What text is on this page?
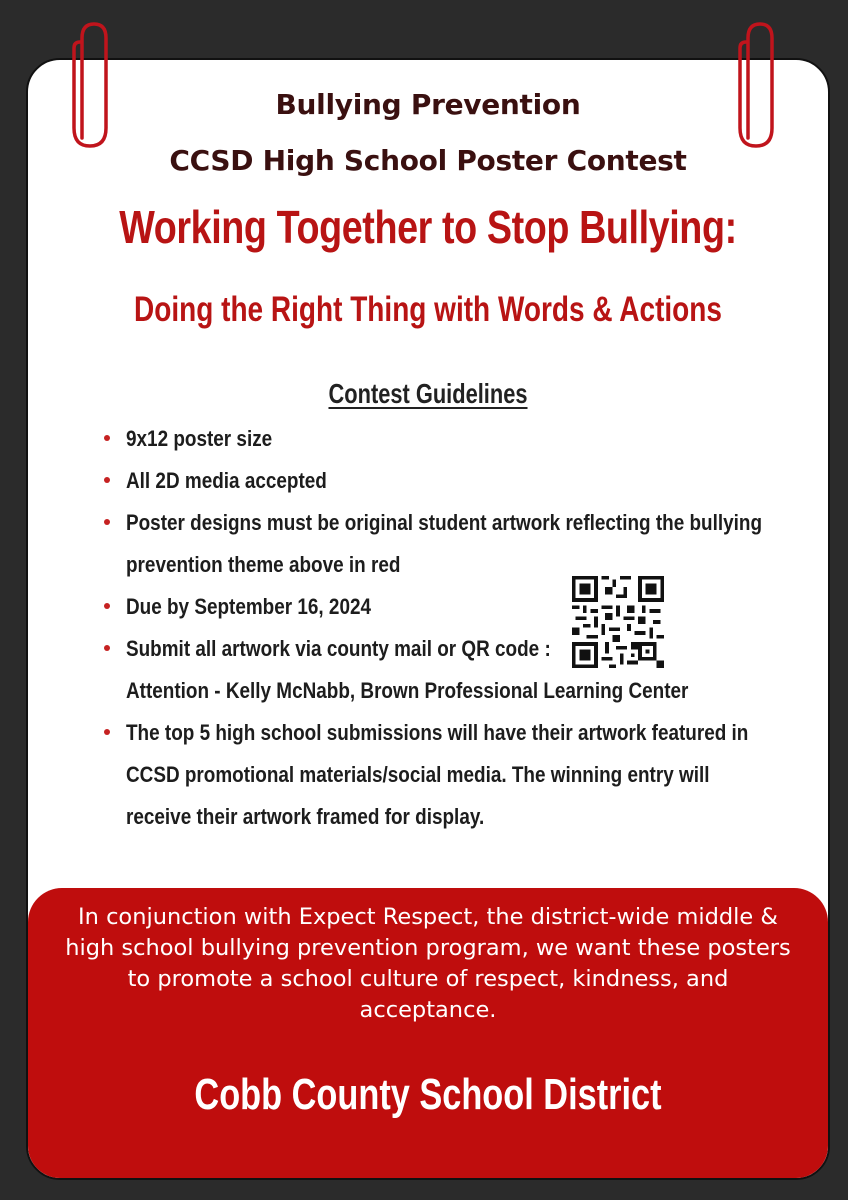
Bullying Prevention
CCSD High School Poster Contest
Working Together to Stop Bullying:
Doing the Right Thing with Words & Actions
Contest Guidelines
9x12 poster size
All 2D media accepted
Poster designs must be original student artwork reflecting the bullying prevention theme above in red
Due by September 16, 2024
Submit all artwork via county mail or QR code :
Attention - Kelly McNabb, Brown Professional Learning Center
The top 5 high school submissions will have their artwork featured in CCSD promotional materials/social media. The winning entry will receive their artwork framed for display.
In conjunction with Expect Respect, the district-wide middle & high school bullying prevention program, we want these posters to promote a school culture of respect, kindness, and acceptance.
Cobb County School District
